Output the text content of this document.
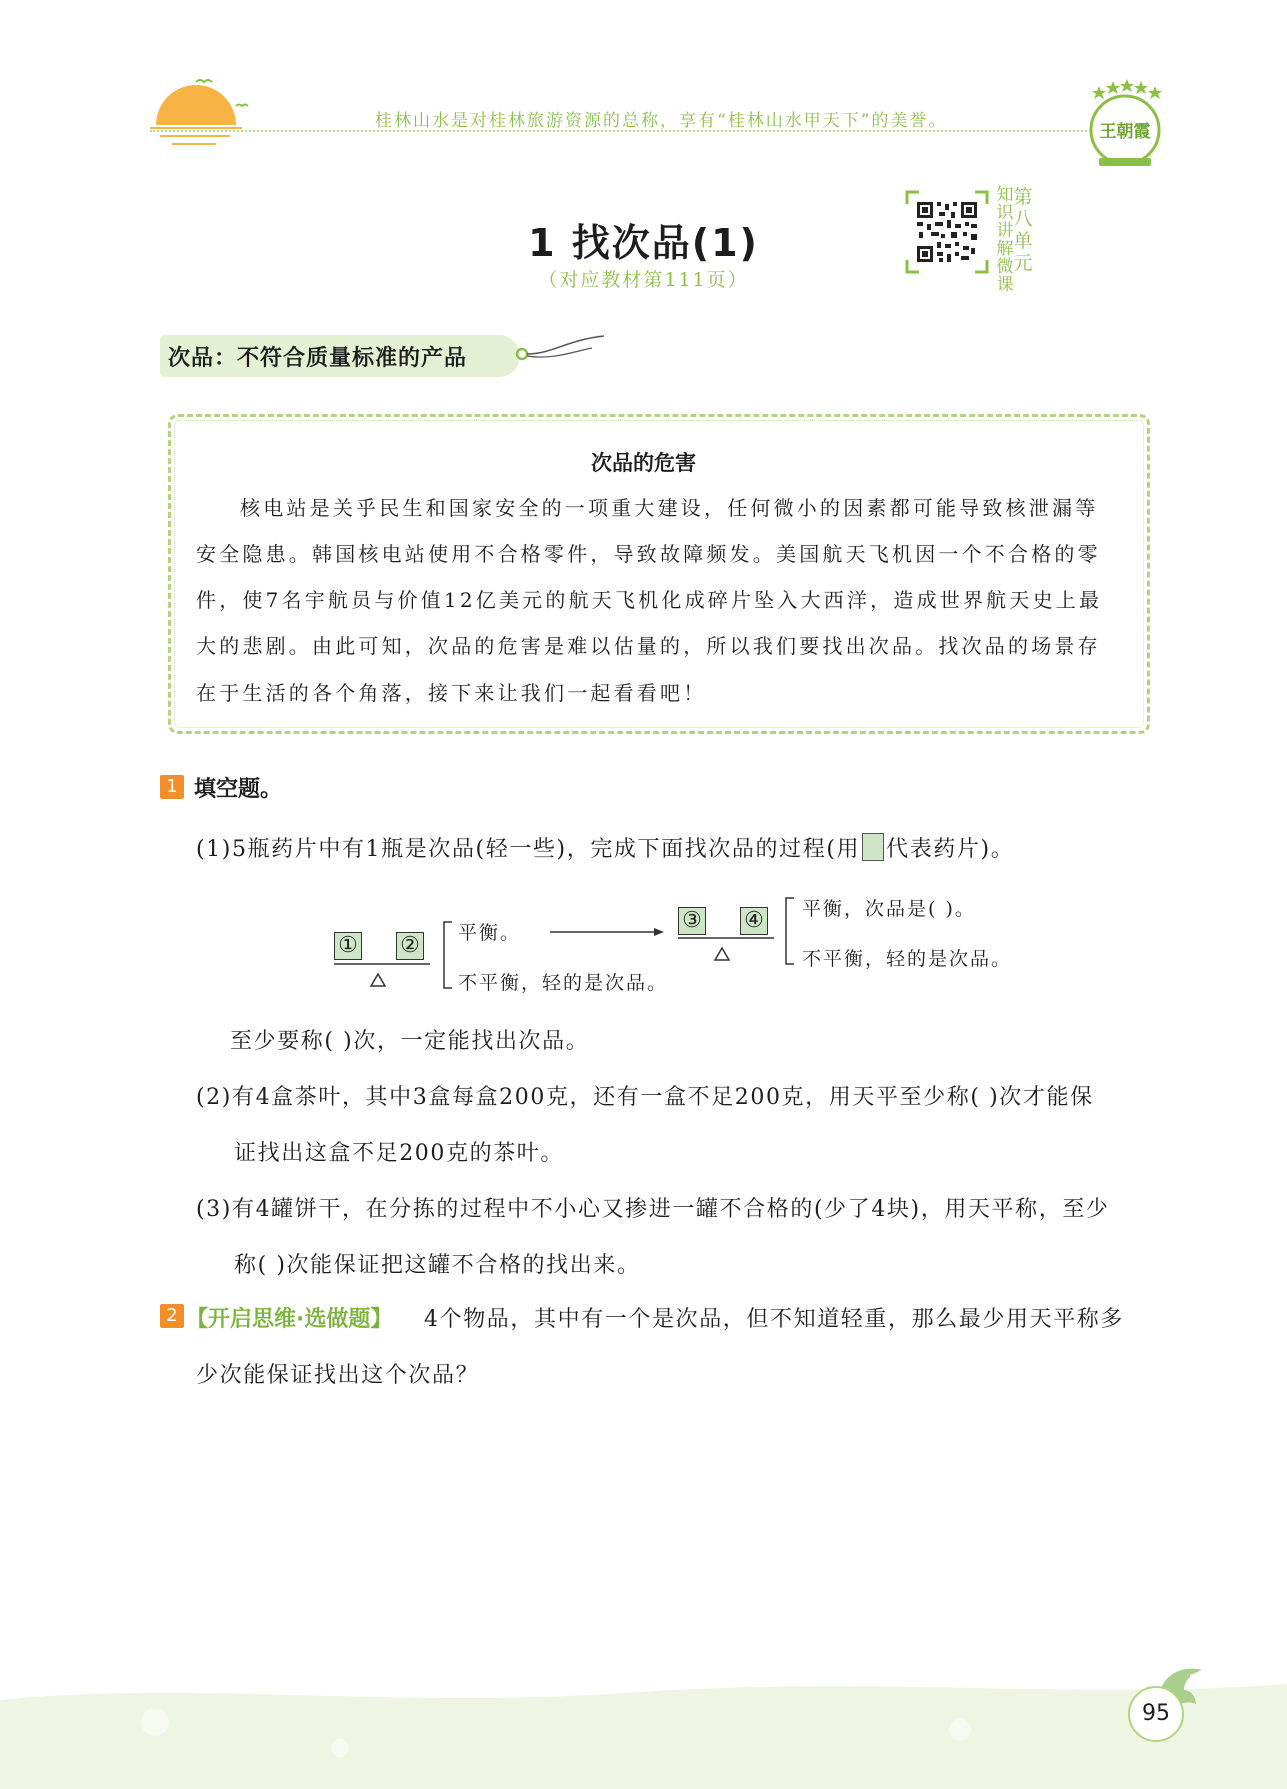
桂林山水是对桂林旅游资源的总称，享有“桂林山水甲天下”的美誉。
王朝霞
1 找次品(1)
（对应教材第111页）
知
识
讲
解
微
课
第
八
单
元
次品：不符合质量标准的产品
次品的危害
核电站是关乎民生和国家安全的一项重大建设，任何微小的因素都可能导致核泄漏等
安全隐患。韩国核电站使用不合格零件，导致故障频发。美国航天飞机因一个不合格的零
件，使7名宇航员与价值12亿美元的航天飞机化成碎片坠入大西洋，造成世界航天史上最
大的悲剧。由此可知，次品的危害是难以估量的，所以我们要找出次品。找次品的场景存
在于生活的各个角落，接下来让我们一起看看吧！
1 填空题。
(1)5瓶药片中有1瓶是次品(轻一些)，完成下面找次品的过程(用 代表药片)。
① ② 平衡。
不平衡，轻的是次品。
③ ④ 平衡，次品是( )。
不平衡，轻的是次品。
至少要称( )次，一定能找出次品。
(2)有4盒茶叶，其中3盒每盒200克，还有一盒不足200克，用天平至少称( )次才能保
证找出这盒不足200克的茶叶。
(3)有4罐饼干，在分拣的过程中不小心又掺进一罐不合格的(少了4块)，用天平称，至少
称( )次能保证把这罐不合格的找出来。
2 【开启思维·选做题】 4个物品，其中有一个是次品，但不知道轻重，那么最少用天平称多
少次能保证找出这个次品？
95
